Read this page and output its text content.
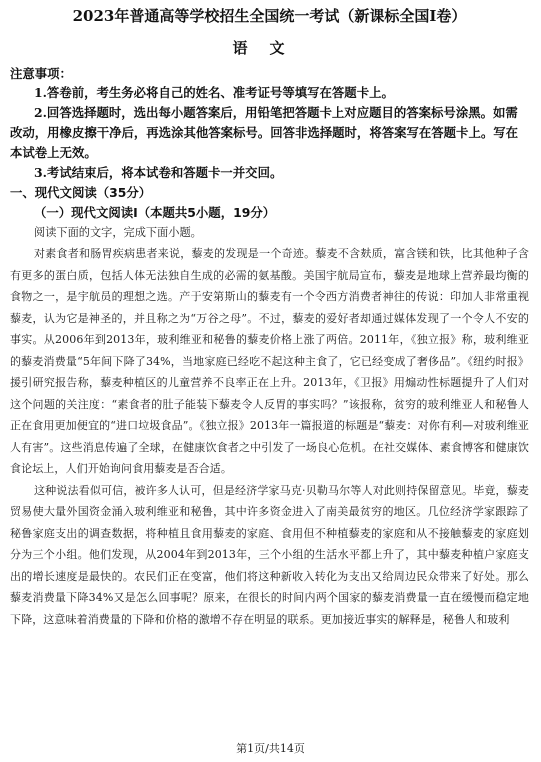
2023年普通高等学校招生全国统一考试（新课标全国Ⅰ卷）
语文

注意事项：

1.答卷前，考生务必将自己的姓名、准考证号等填写在答题卡上。

2.回答选择题时，选出每小题答案后，用铅笔把答题卡上对应题目的答案标号涂黑。如需改动，用橡皮擦干净后，再选涂其他答案标号。回答非选择题时，将答案写在答题卡上。写在本试卷上无效。

3.考试结束后，将本试卷和答题卡一并交回。

一、现代文阅读（35分）

（一）现代文阅读Ⅰ（本题共5小题，19分）

阅读下面的文字，完成下面小题。

对素食者和肠胃疾病患者来说，藜麦的发现是一个奇迹。藜麦不含麸质，富含镁和铁，比其他种子含有更多的蛋白质，包括人体无法独自生成的必需的氨基酸。美国宇航局宣布，藜麦是地球上营养最均衡的食物之一，是宇航员的理想之选。产于安第斯山的藜麦有一个令西方消费者神往的传说：印加人非常重视藜麦，认为它是神圣的，并且称之为“万谷之母”。不过，藜麦的爱好者却通过媒体发现了一个令人不安的事实。从2006年到2013年，玻利维亚和秘鲁的藜麦价格上涨了两倍。2011年，《独立报》称，玻利维亚的藜麦消费量“5年间下降了34%，当地家庭已经吃不起这种主食了，它已经变成了奢侈品”。《纽约时报》援引研究报告称，藜麦种植区的儿童营养不良率正在上升。2013年，《卫报》用煽动性标题提升了人们对这个问题的关注度：“素食者的肚子能装下藜麦令人反胃的事实吗？”该报称，贫穷的玻利维亚人和秘鲁人正在食用更加便宜的“进口垃圾食品”。《独立报》2013年一篇报道的标题是“藜麦：对你有利—对玻利维亚人有害”。这些消息传遍了全球，在健康饮食者之中引发了一场良心危机。在社交媒体、素食博客和健康饮食论坛上，人们开始询问食用藜麦是否合适。

这种说法看似可信，被许多人认可，但是经济学家马克·贝勒马尔等人对此则持保留意见。毕竟，藜麦贸易使大量外国资金涌入玻利维亚和秘鲁，其中许多资金进入了南美最贫穷的地区。几位经济学家跟踪了秘鲁家庭支出的调查数据，将种植且食用藜麦的家庭、食用但不种植藜麦的家庭和从不接触藜麦的家庭划分为三个小组。他们发现，从2004年到2013年，三个小组的生活水平都上升了，其中藜麦种植户家庭支出的增长速度是最快的。农民们正在变富，他们将这种新收入转化为支出又给周边民众带来了好处。那么藜麦消费量下降34%又是怎么回事呢？原来，在很长的时间内两个国家的藜麦消费量一直在缓慢而稳定地下降，这意味着消费量的下降和价格的激增不存在明显的联系。更加接近事实的解释是，秘鲁人和玻利

第1页/共14页
